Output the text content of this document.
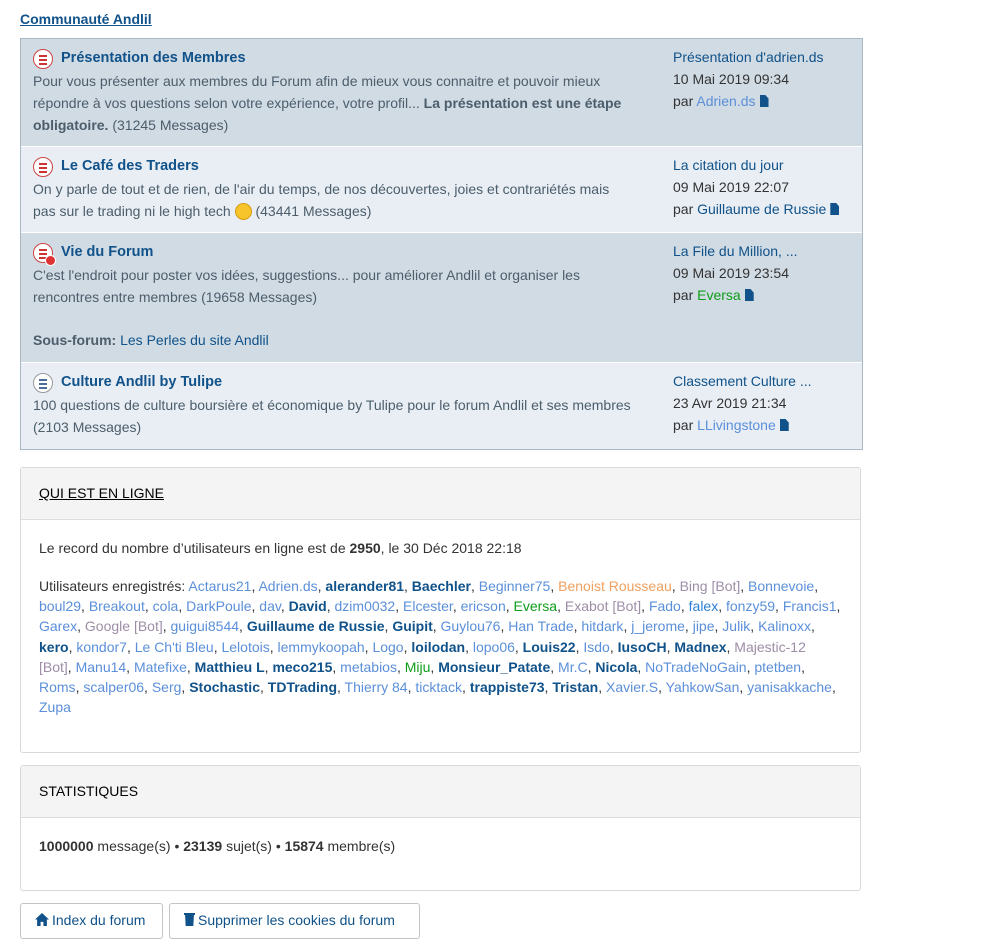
Communauté Andlil
Présentation des Membres
Pour vous présenter aux membres du Forum afin de mieux vous connaitre et pouvoir mieux répondre à vos questions selon votre expérience, votre profil... La présentation est une étape obligatoire. (31245 Messages)
Présentation d'adrien.ds
10 Mai 2019 09:34
par Adrien.ds
Le Café des Traders
On y parle de tout et de rien, de l'air du temps, de nos découvertes, joies et contrariétés mais pas sur le trading ni le high tech  (43441 Messages)
La citation du jour
09 Mai 2019 22:07
par Guillaume de Russie
Vie du Forum
C'est l'endroit pour poster vos idées, suggestions... pour améliorer Andlil et organiser les rencontres entre membres (19658 Messages)
Sous-forum: Les Perles du site Andlil
La File du Million, ...
09 Mai 2019 23:54
par Eversa
Culture Andlil by Tulipe
100 questions de culture boursière et économique by Tulipe pour le forum Andlil et ses membres (2103 Messages)
Classement Culture ...
23 Avr 2019 21:34
par LLivingstone
QUI EST EN LIGNE
Le record du nombre d’utilisateurs en ligne est de 2950, le 30 Déc 2018 22:18
Utilisateurs enregistrés: Actarus21, Adrien.ds, alerander81, Baechler, Beginner75, Benoist Rousseau, Bing [Bot], Bonnevoie, boul29, Breakout, cola, DarkPoule, dav, David, dzim0032, Elcester, ericson, Eversa, Exabot [Bot], Fado, falex, fonzy59, Francis1, Garex, Google [Bot], guigui8544, Guillaume de Russie, Guipit, Guylou76, Han Trade, hitdark, j_jerome, jipe, Julik, Kalinoxx, kero, kondor7, Le Ch'ti Bleu, Lelotois, lemmykoopah, Logo, loilodan, lopo06, Louis22, Isdo, IusoCH, Madnex, Majestic-12 [Bot], Manu14, Matefixe, Matthieu L, meco215, metabios, Miju, Monsieur_Patate, Mr.C, Nicola, NoTradeNoGain, ptetben, Roms, scalper06, Serg, Stochastic, TDTrading, Thierry 84, ticktack, trappiste73, Tristan, Xavier.S, YahkowSan, yanisakkache, Zupa
STATISTIQUES
1000000 message(s) • 23139 sujet(s) • 15874 membre(s)
Index du forum	Supprimer les cookies du forum
